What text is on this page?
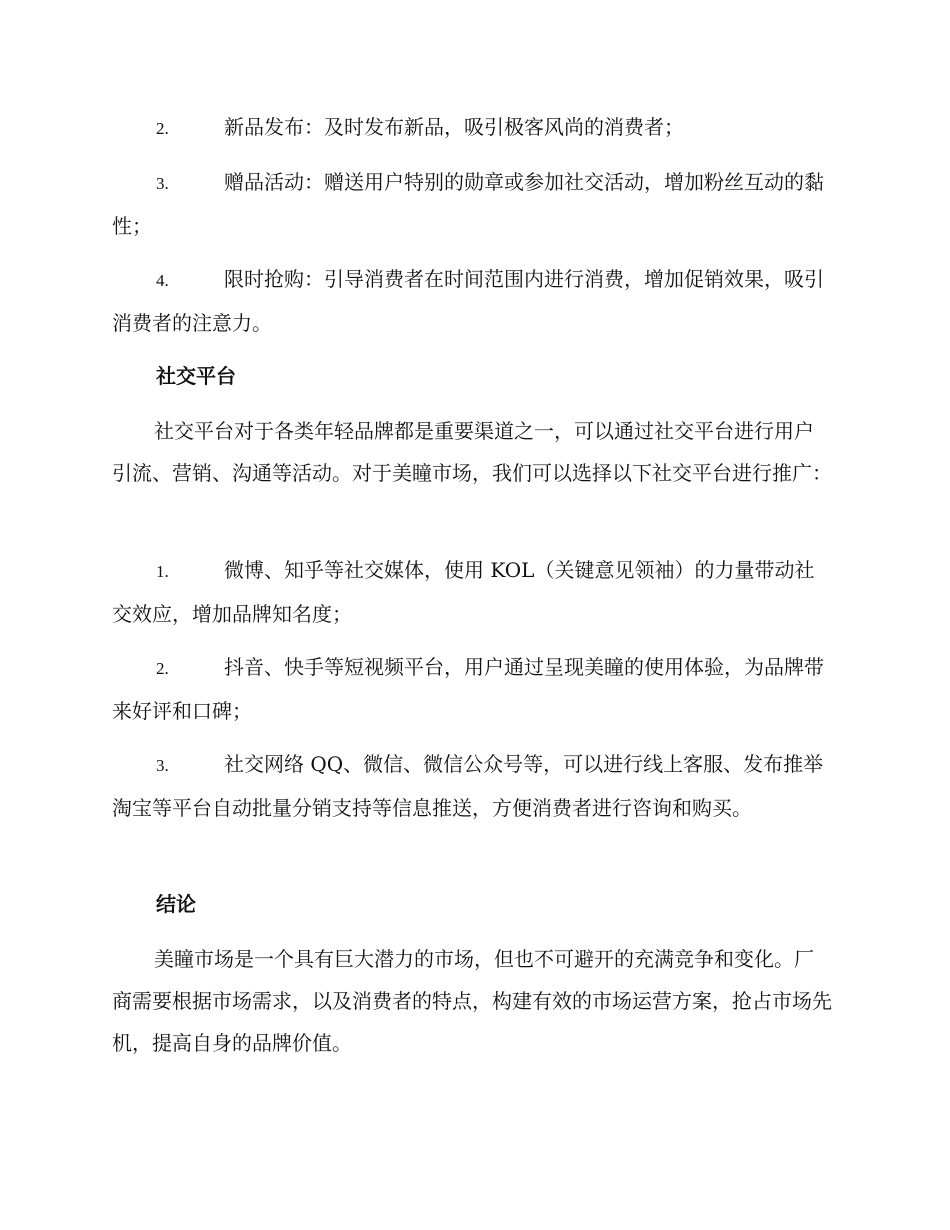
2.	新品发布：及时发布新品，吸引极客风尚的消费者；

3.	赠品活动：赠送用户特别的勋章或参加社交活动，增加粉丝互动的黏性；

4.	限时抢购：引导消费者在时间范围内进行消费，增加促销效果，吸引消费者的注意力。

社交平台

社交平台对于各类年轻品牌都是重要渠道之一，可以通过社交平台进行用户引流、营销、沟通等活动。对于美瞳市场，我们可以选择以下社交平台进行推广：

1.	微博、知乎等社交媒体，使用 KOL（关键意见领袖）的力量带动社交效应，增加品牌知名度；

2.	抖音、快手等短视频平台，用户通过呈现美瞳的使用体验，为品牌带来好评和口碑；

3.	社交网络 QQ、微信、微信公众号等，可以进行线上客服、发布推举淘宝等平台自动批量分销支持等信息推送，方便消费者进行咨询和购买。

结论

美瞳市场是一个具有巨大潜力的市场，但也不可避开的充满竞争和变化。厂商需要根据市场需求，以及消费者的特点，构建有效的市场运营方案，抢占市场先机，提高自身的品牌价值。
